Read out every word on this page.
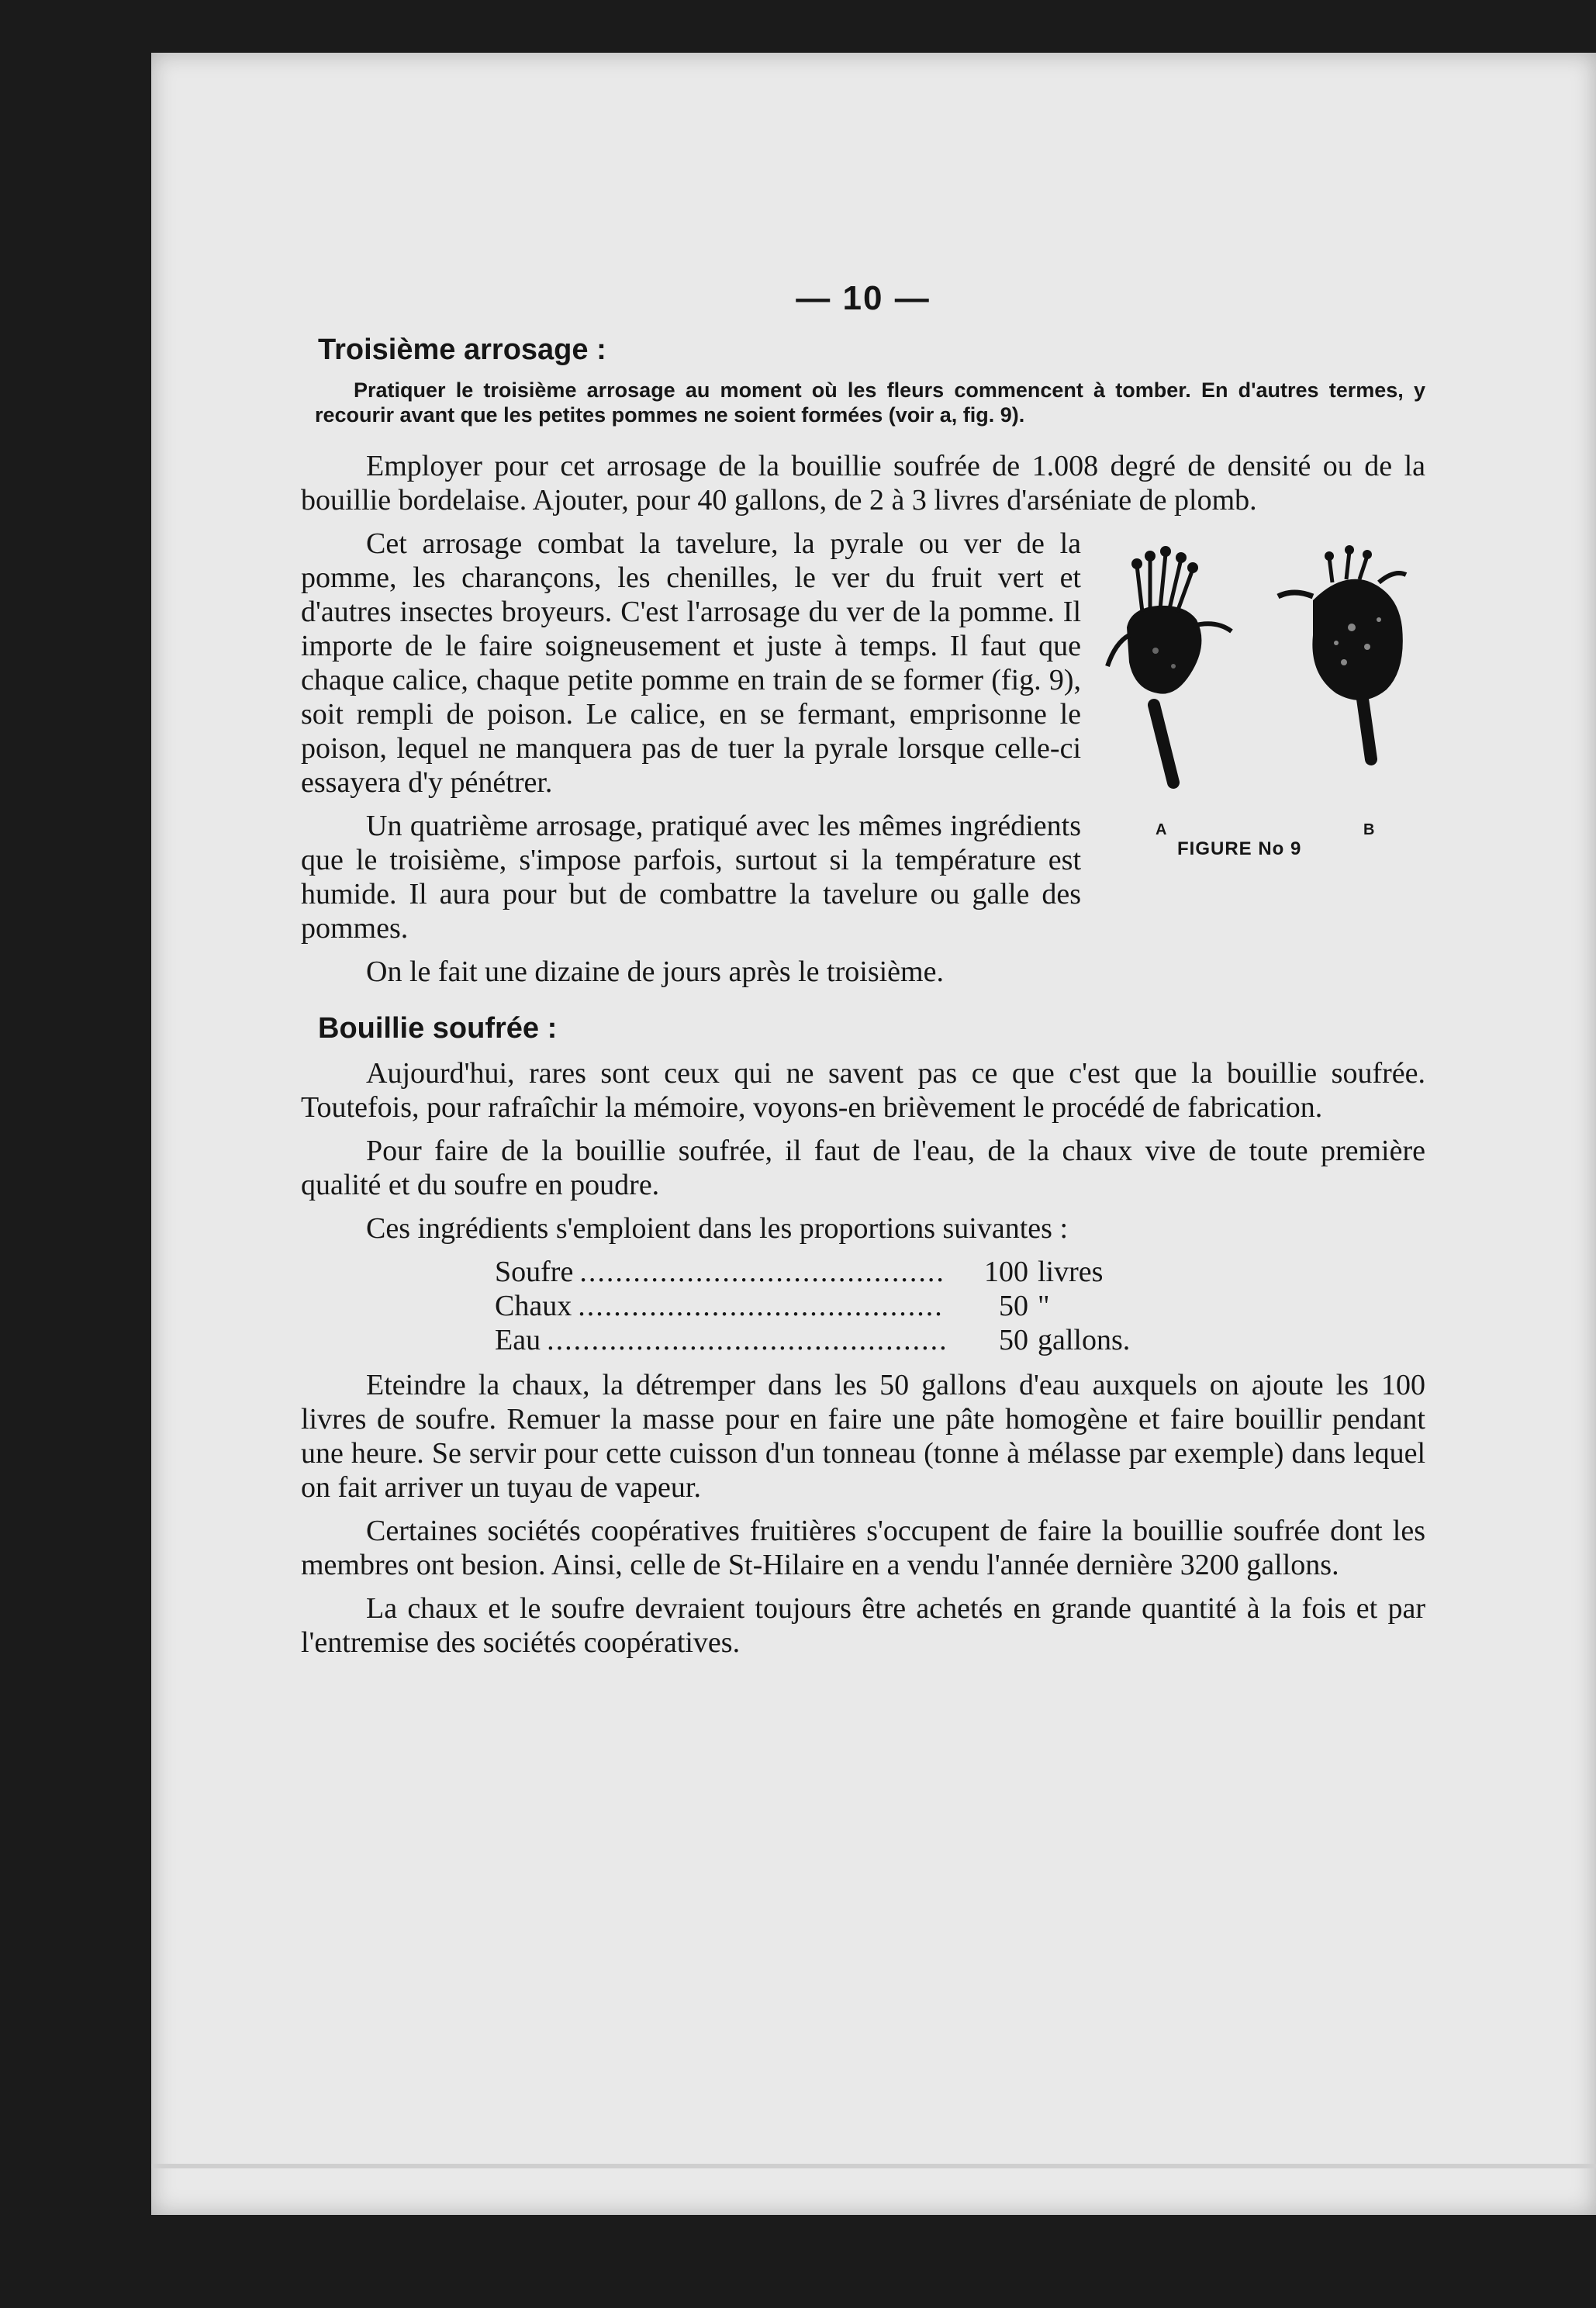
— 10 —
Troisième arrosage :
Pratiquer le troisième arrosage au moment où les fleurs commencent à tomber. En d'autres termes, y recourir avant que les petites pommes ne soient formées (voir a, fig. 9).

Employer pour cet arrosage de la bouillie soufrée de 1.008 degré de densité ou de la bouillie bordelaise. Ajouter, pour 40 gallons, de 2 à 3 livres d'arséniate de plomb.

A	B
FIGURE No 9

Cet arrosage combat la tavelure, la pyrale ou ver de la pomme, les charançons, les chenilles, le ver du fruit vert et d'autres insectes broyeurs. C'est l'arrosage du ver de la pomme. Il importe de le faire soigneusement et juste à temps. Il faut que chaque calice, chaque petite pomme en train de se former (fig. 9), soit rempli de poison. Le calice, en se fermant, emprisonne le poison, lequel ne manquera pas de tuer la pyrale lorsque celle-ci essayera d'y pénétrer.

Un quatrième arrosage, pratiqué avec les mêmes ingrédients que le troisième, s'impose parfois, surtout si la température est humide. Il aura pour but de combattre la tavelure ou galle des pommes.

On le fait une dizaine de jours après le troisième.

Bouillie soufrée :

Aujourd'hui, rares sont ceux qui ne savent pas ce que c'est que la bouillie soufrée. Toutefois, pour rafraîchir la mémoire, voyons-en brièvement le procédé de fabrication.

Pour faire de la bouillie soufrée, il faut de l'eau, de la chaux vive de toute première qualité et du soufre en poudre.

Ces ingrédients s'emploient dans les proportions suivantes :

Soufre .....	100 livres
Chaux .....	50 "
Eau .....	50 gallons.

Eteindre la chaux, la détremper dans les 50 gallons d'eau auxquels on ajoute les 100 livres de soufre. Remuer la masse pour en faire une pâte homogène et faire bouillir pendant une heure. Se servir pour cette cuisson d'un tonneau (tonne à mélasse par exemple) dans lequel on fait arriver un tuyau de vapeur.

Certaines sociétés coopératives fruitières s'occupent de faire la bouillie soufrée dont les membres ont besion. Ainsi, celle de St-Hilaire en a vendu l'année dernière 3200 gallons.

La chaux et le soufre devraient toujours être achetés en grande quantité à la fois et par l'entremise des sociétés coopératives.
